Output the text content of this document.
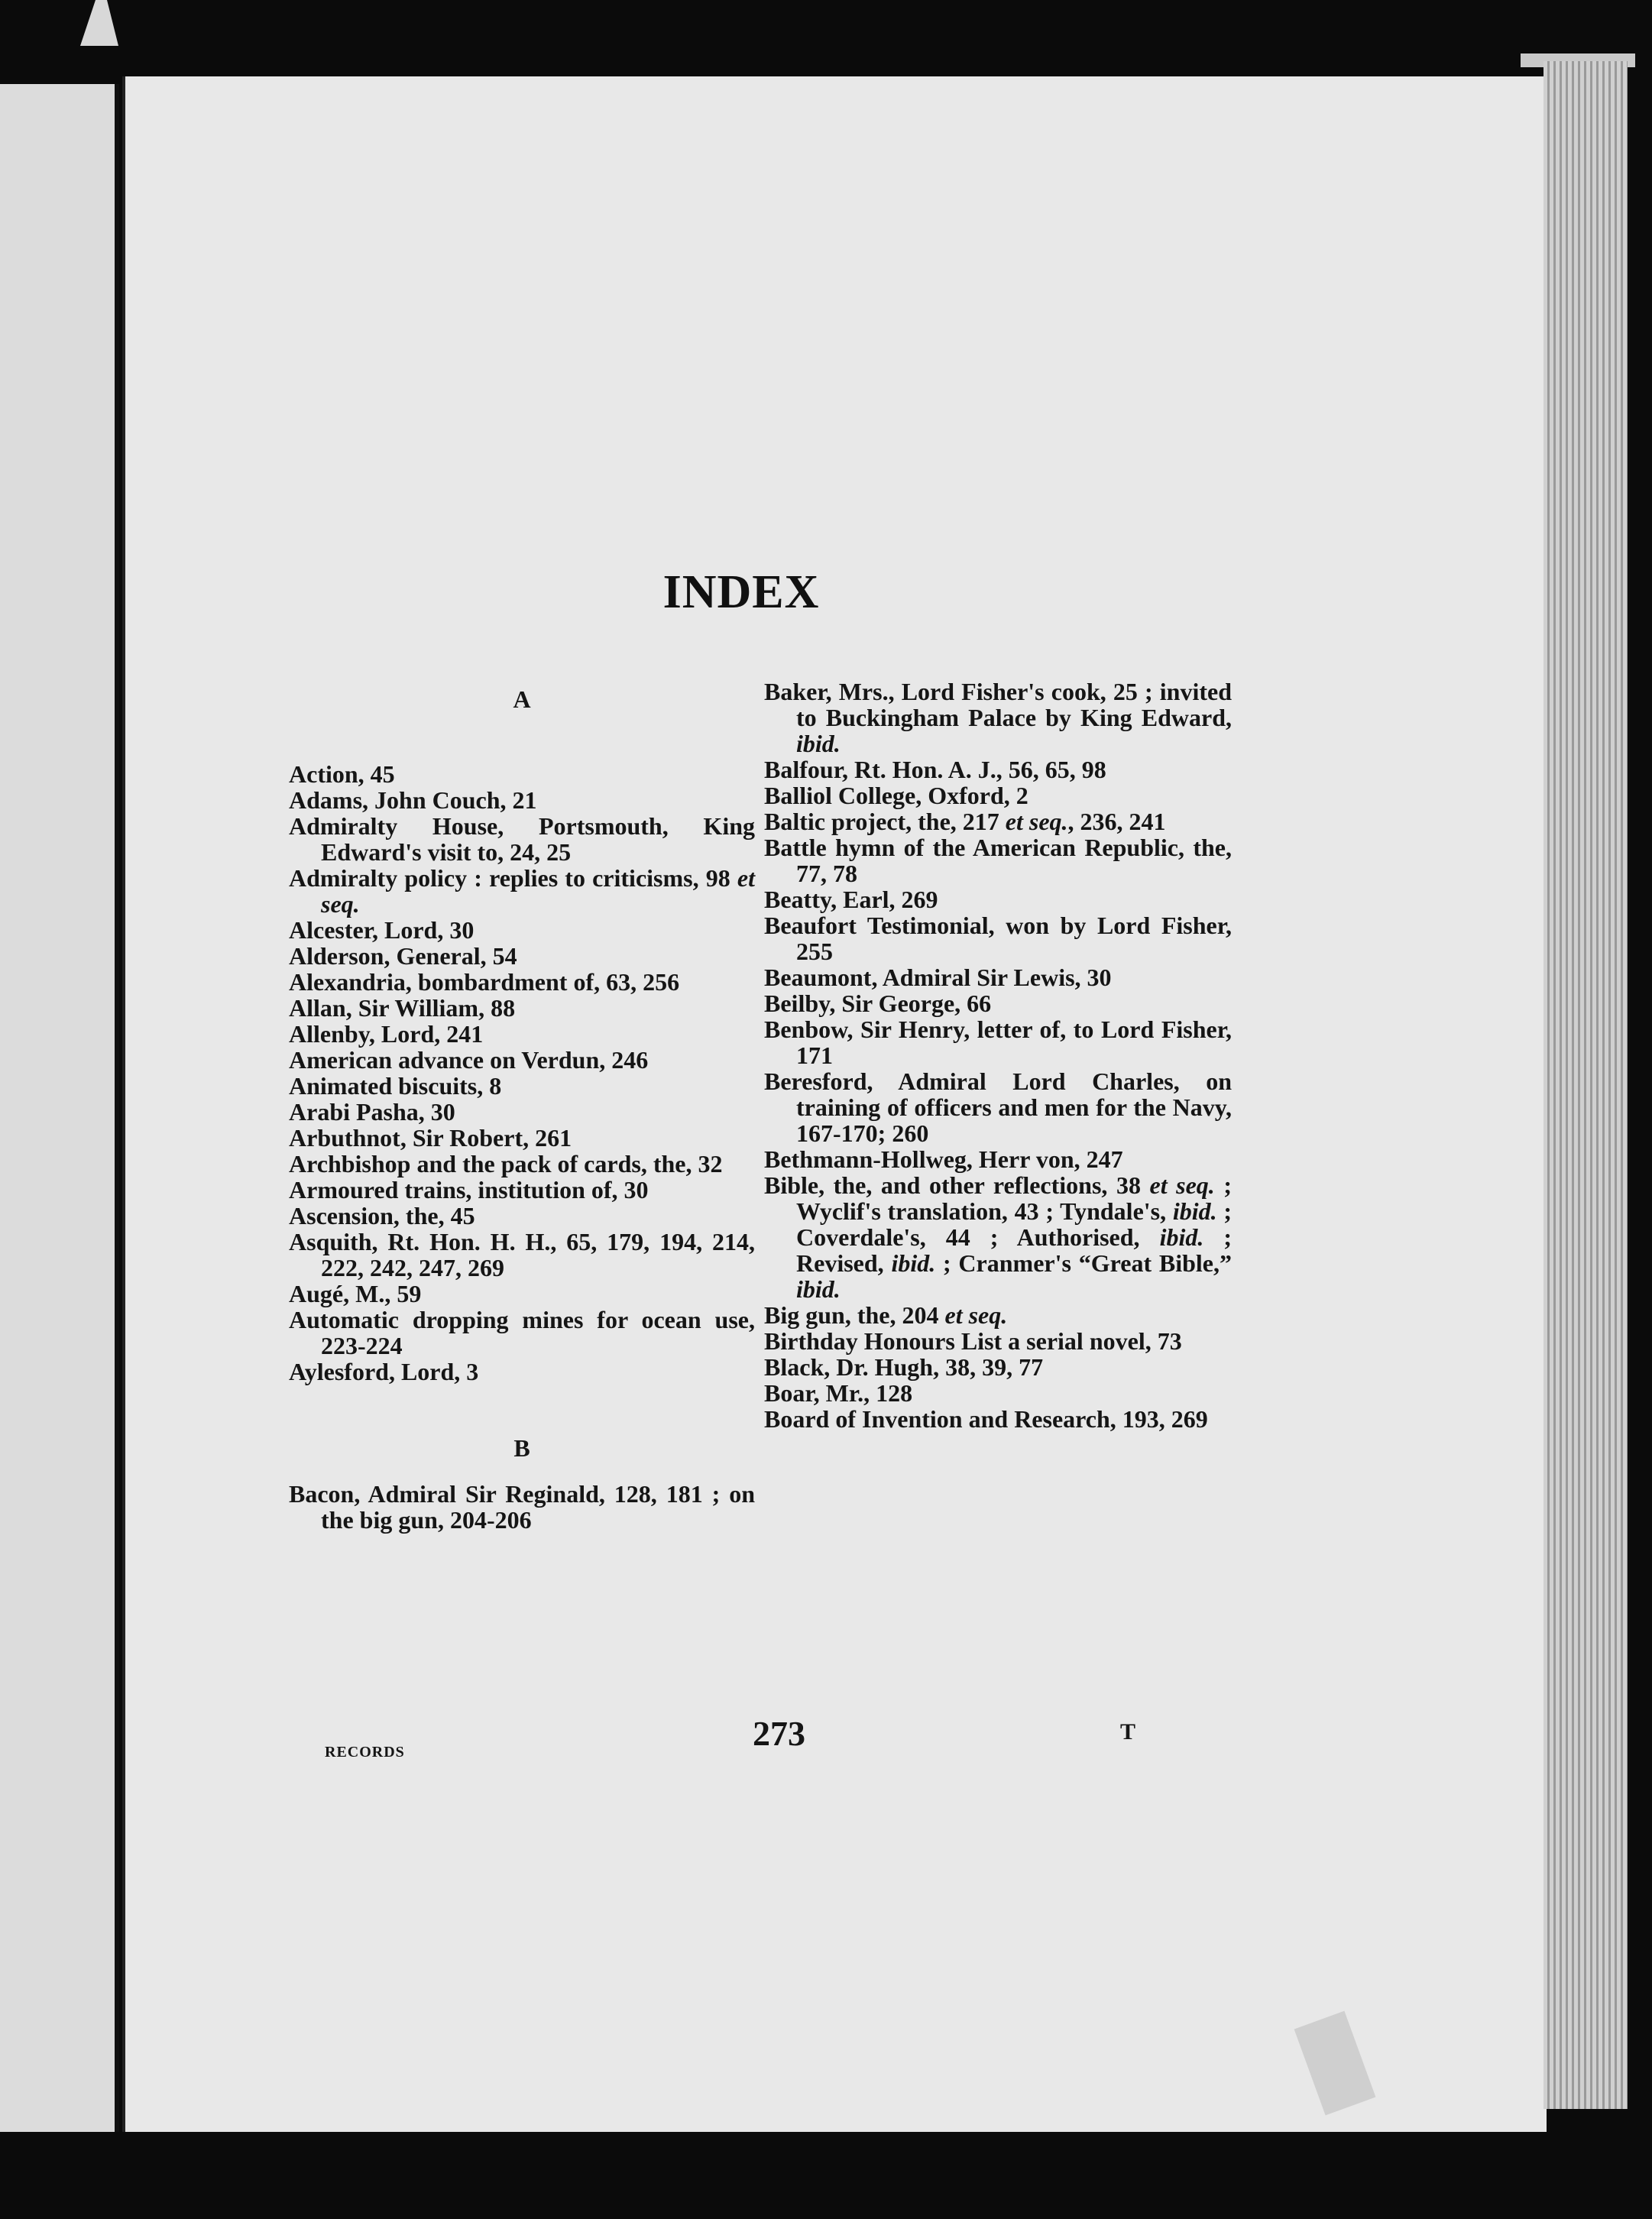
INDEX
A
Action, 45
Adams, John Couch, 21
Admiralty House, Portsmouth, King Edward's visit to, 24, 25
Admiralty policy : replies to criticisms, 98 et seq.
Alcester, Lord, 30
Alderson, General, 54
Alexandria, bombardment of, 63, 256
Allan, Sir William, 88
Allenby, Lord, 241
American advance on Verdun, 246
Animated biscuits, 8
Arabi Pasha, 30
Arbuthnot, Sir Robert, 261
Archbishop and the pack of cards, the, 32
Armoured trains, institution of, 30
Ascension, the, 45
Asquith, Rt. Hon. H. H., 65, 179, 194, 214, 222, 242, 247, 269
Augé, M., 59
Automatic dropping mines for ocean use, 223-224
Aylesford, Lord, 3
B
Bacon, Admiral Sir Reginald, 128, 181 ; on the big gun, 204-206
Baker, Mrs., Lord Fisher's cook, 25 ; invited to Buckingham Palace by King Edward, ibid.
Balfour, Rt. Hon. A. J., 56, 65, 98
Balliol College, Oxford, 2
Baltic project, the, 217 et seq., 236, 241
Battle hymn of the American Republic, the, 77, 78
Beatty, Earl, 269
Beaufort Testimonial, won by Lord Fisher, 255
Beaumont, Admiral Sir Lewis, 30
Beilby, Sir George, 66
Benbow, Sir Henry, letter of, to Lord Fisher, 171
Beresford, Admiral Lord Charles, on training of officers and men for the Navy, 167-170; 260
Bethmann-Hollweg, Herr von, 247
Bible, the, and other reflections, 38 et seq. ; Wyclif's translation, 43 ; Tyndale's, ibid. ; Coverdale's, 44 ; Authorised, ibid. ; Revised, ibid. ; Cranmer's “Great Bible,” ibid.
Big gun, the, 204 et seq.
Birthday Honours List a serial novel, 73
Black, Dr. Hugh, 38, 39, 77
Boar, Mr., 128
Board of Invention and Research, 193, 269
RECORDS	273	T
